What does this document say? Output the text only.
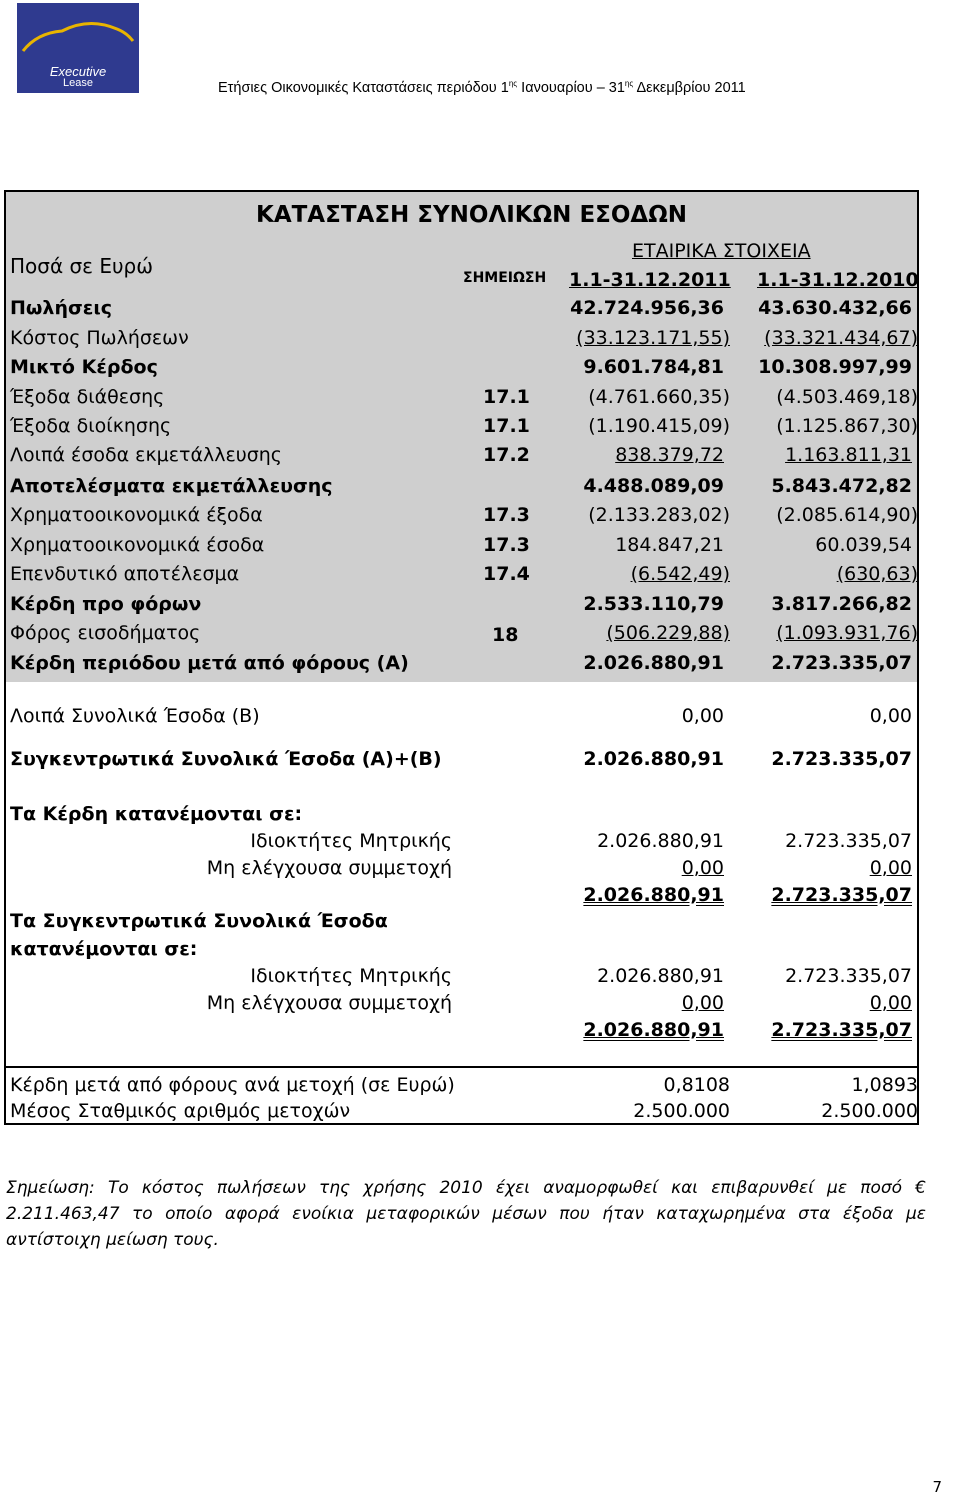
Executive
Lease	Ετήσιες Οικονομικές Καταστάσεις περιόδου $1^{\eta\varsigma}$ Ιανουαρίου – $31^{\eta\varsigma}$ Δεκεμβρίου 2011
ΚΑΤΑΣΤΑΣΗ ΣΥΝΟΛΙΚΩΝ ΕΣΟΔΩΝ
Ποσά σε Ευρώ
ΕΤΑΙΡΙΚΑ ΣΤΟΙΧΕΙΑ
ΣΗΜΕΙΩΣΗ 1.1-31.12.2011 1.1-31.12.2010
Πωλήσεις	42.724.956,36 43.630.432,66
Κόστος Πωλήσεων	(33.123.171,55) (33.321.434,67)
Μικτό Κέρδος	9.601.784,81 10.308.997,99
Έξοδα διάθεσης	17.1	(4.761.660,35) (4.503.469,18)
Έξοδα διοίκησης	17.1	(1.190.415,09) (1.125.867,30)
Λοιπά έσοδα εκμετάλλευσης	17.2	838.379,72	1.163.811,31
Αποτελέσματα εκμετάλλευσης	4.488.089,09 5.843.472,82
Χρηματοοικονομικά έξοδα	17.3	(2.133.283,02) (2.085.614,90)
Χρηματοοικονομικά έσοδα	17.3	184.847,21	60.039,54
Επενδυτικό αποτέλεσμα	17.4	(6.542,49)	(630,63)
Κέρδη προ φόρων	2.533.110,79 3.817.266,82
Φόρος εισοδήματος	18	(506.229,88) (1.093.931,76)
Κέρδη περιόδου μετά από φόρους (Α)	2.026.880,91 2.723.335,07
Λοιπά Συνολικά Έσοδα (Β)	0,00	0,00
Συγκεντρωτικά Συνολικά Έσοδα (Α)+(Β)	2.026.880,91 2.723.335,07
Τα Κέρδη κατανέμονται σε:
Ιδιοκτήτες Μητρικής	2.026.880,91	2.723.335,07
Μη ελέγχουσα συμμετοχή	0,00	0,00
2.026.880,91 2.723.335,07
Τα Συγκεντρωτικά Συνολικά Έσοδα
κατανέμονται σε:
Ιδιοκτήτες Μητρικής	2.026.880,91	2.723.335,07
Μη ελέγχουσα συμμετοχή	0,00	0,00
2.026.880,91 2.723.335,07
Κέρδη μετά από φόρους ανά μετοχή (σε Ευρώ)	0,8108	1,0893
Μέσος Σταθμικός αριθμός μετοχών	2.500.000	2.500.000
Σημείωση: Το κόστος πωλήσεων της χρήσης 2010 έχει αναμορφωθεί και επιβαρυνθεί με ποσό € 2.211.463,47 το οποίο αφορά ενοίκια μεταφορικών μέσων που ήταν καταχωρημένα στα έξοδα με αντίστοιχη μείωση τους.
7
